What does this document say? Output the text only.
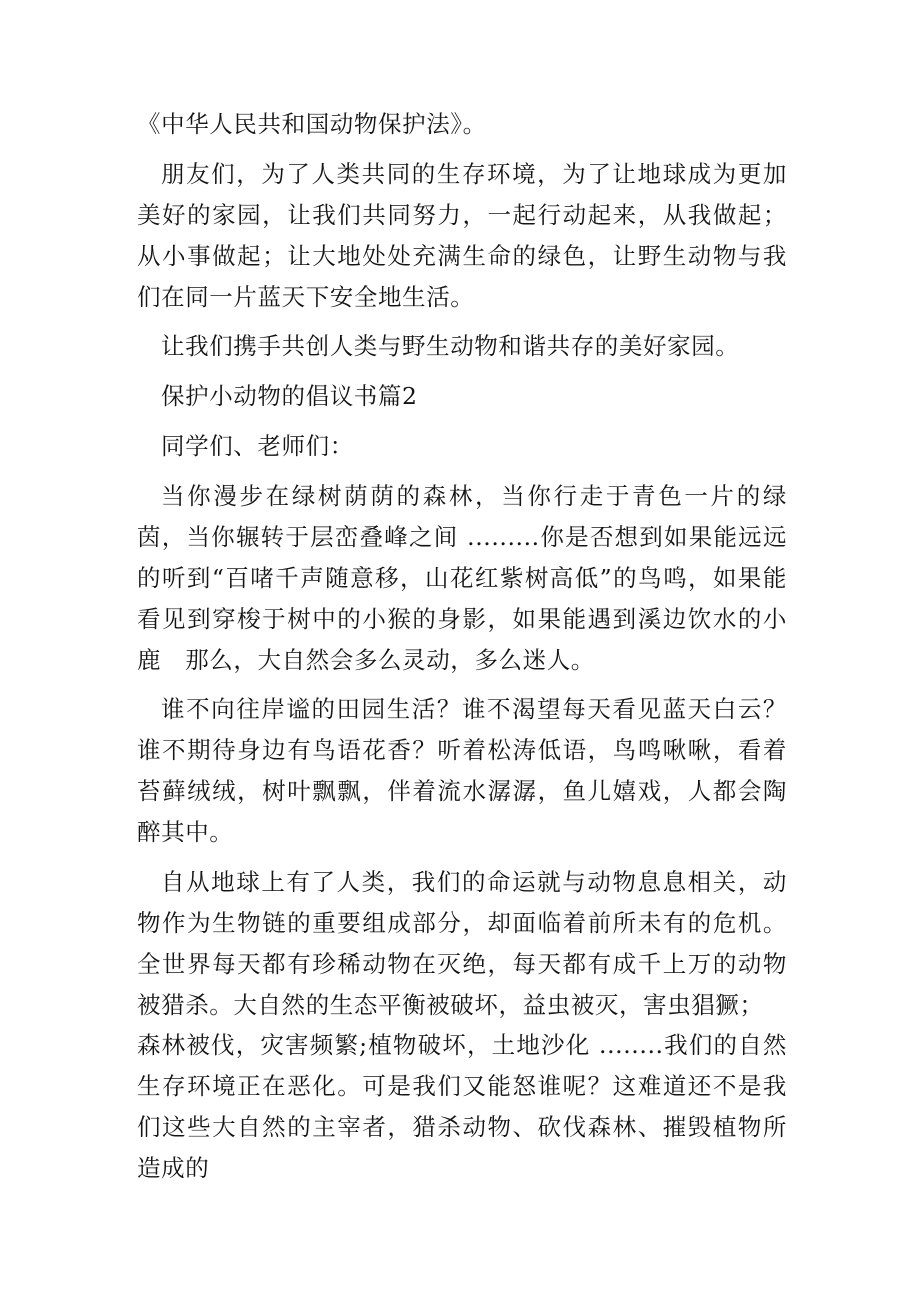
《中华人民共和国动物保护法》。

朋友们，为了人类共同的生存环境，为了让地球成为更加美好的家园，让我们共同努力，一起行动起来，从我做起；从小事做起；让大地处处充满生命的绿色，让野生动物与我们在同一片蓝天下安全地生活。

让我们携手共创人类与野生动物和谐共存的美好家园。

保护小动物的倡议书篇2

同学们、老师们：

当你漫步在绿树荫荫的森林，当你行走于青色一片的绿茵，当你辗转于层峦叠峰之间 .........你是否想到如果能远远的听到“百啫千声随意移，山花红紫树高低”的鸟鸣，如果能看见到穿梭于树中的小猴的身影，如果能遇到溪边饮水的小鹿　那么，大自然会多么灵动，多么迷人。

谁不向往岸谧的田园生活？谁不渴望每天看见蓝天白云？谁不期待身边有鸟语花香？听着松涛低语，鸟鸣啾啾，看着苔藓绒绒，树叶飘飘，伴着流水潺潺，鱼儿嬉戏，人都会陶醉其中。

自从地球上有了人类，我们的命运就与动物息息相关，动物作为生物链的重要组成部分，却面临着前所未有的危机。全世界每天都有珍稀动物在灭绝，每天都有成千上万的动物被猎杀。大自然的生态平衡被破坏，益虫被灭，害虫猖獗；

森林被伐，灾害频繁;植物破坏，土地沙化 ........我们的自然生存环境正在恶化。可是我们又能怒谁呢？这难道还不是我们这些大自然的主宰者，猎杀动物、砍伐森林、摧毁植物所造成的
